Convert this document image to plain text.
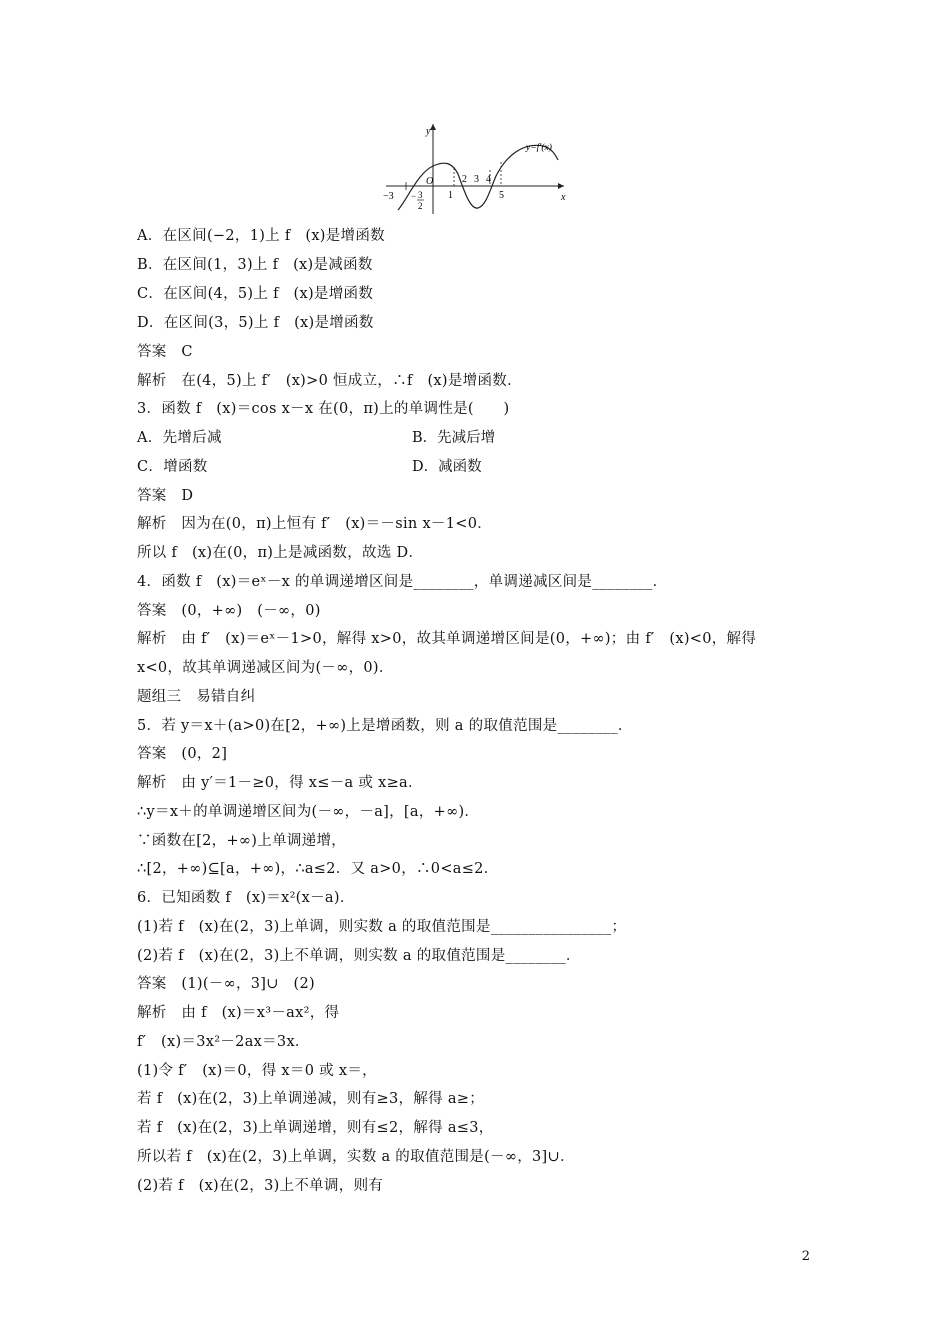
y
x
y=f′(x)
O
−3 − 3
2
1
2 3 4
5
A．在区间(−2，1)上 f　(x)是增函数
B．在区间(1，3)上 f　(x)是减函数
C．在区间(4，5)上 f　(x)是增函数
D．在区间(3，5)上 f　(x)是增函数
答案　C
解析　在(4，5)上 f′　(x)>0 恒成立，∴f　(x)是增函数．
3．函数 f　(x)＝cos x－x 在(0，π)上的单调性是(　　)
A．先增后减	B．先减后增
C．增函数	D．减函数
答案　D
解析　因为在(0，π)上恒有 f′　(x)＝－sin x－1<0．
所以 f　(x)在(0，π)上是减函数，故选 D．
4．函数 f　(x)＝eˣ－x 的单调递增区间是________，单调递减区间是________．
答案　(0，+∞)　(－∞，0)
解析　由 f′　(x)＝eˣ－1>0，解得 x>0，故其单调递增区间是(0，+∞)；由 f′　(x)<0，解得
x<0，故其单调递减区间为(－∞，0)．
题组三　易错自纠
5．若 y＝x＋(a>0)在[2，+∞)上是增函数，则 a 的取值范围是________．
答案　(0，2]
解析　由 y′＝1－≥0，得 x≤－a 或 x≥a．
∴y＝x＋的单调递增区间为(－∞，－a]，[a，+∞)．
∵函数在[2，+∞)上单调递增，
∴[2，+∞)⊆[a，+∞)，∴a≤2．又 a>0，∴0<a≤2．
6．已知函数 f　(x)＝x²(x－a)．
(1)若 f　(x)在(2，3)上单调，则实数 a 的取值范围是________________；
(2)若 f　(x)在(2，3)上不单调，则实数 a 的取值范围是________．
答案　(1)(－∞，3]∪　(2)
解析　由 f　(x)＝x³－ax²，得
f′　(x)＝3x²－2ax＝3x．
(1)令 f′　(x)＝0，得 x＝0 或 x＝，
若 f　(x)在(2，3)上单调递减，则有≥3，解得 a≥；
若 f　(x)在(2，3)上单调递增，则有≤2，解得 a≤3，
所以若 f　(x)在(2，3)上单调，实数 a 的取值范围是(－∞，3]∪．
(2)若 f　(x)在(2，3)上不单调，则有
2
